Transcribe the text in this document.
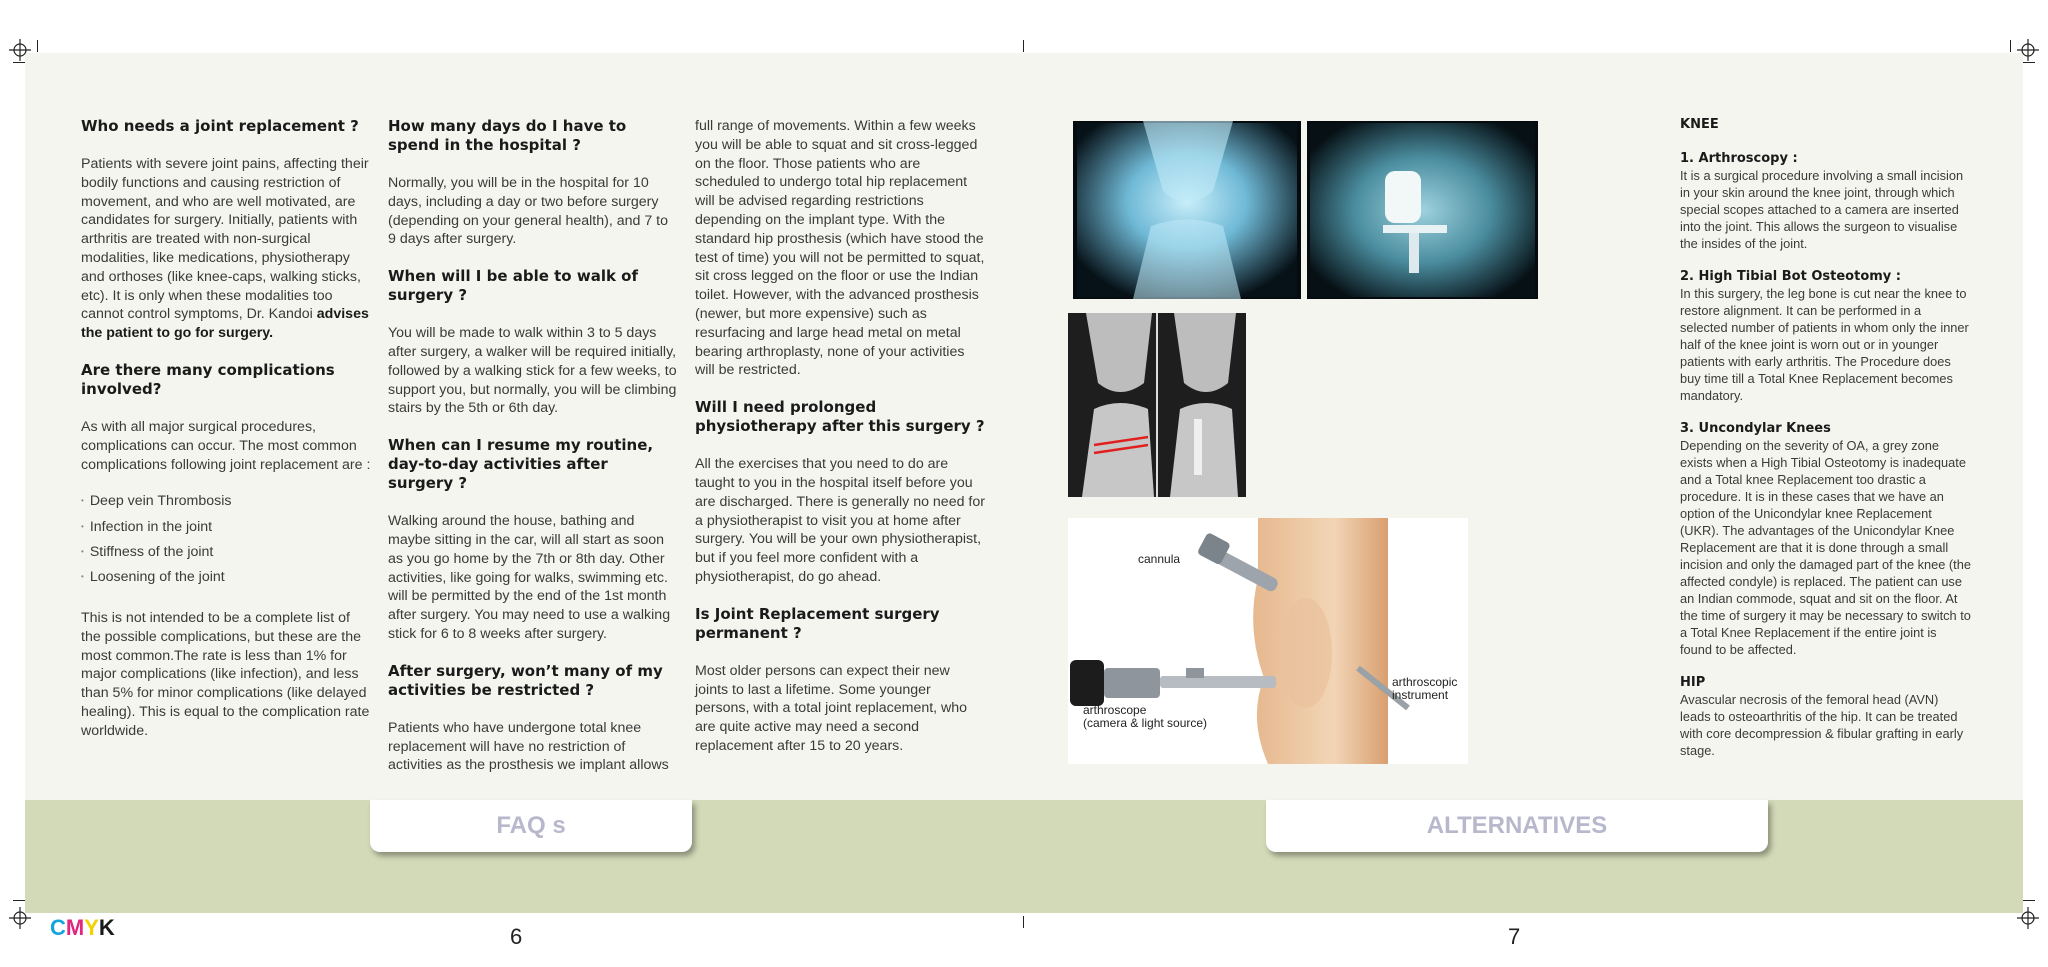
Who needs a joint replacement ?

Patients with severe joint pains, affecting their bodily functions and causing restriction of movement, and who are well motivated, are candidates for surgery. Initially, patients with arthritis are treated with non-surgical modalities, like medications, physiotherapy and orthoses (like knee-caps, walking sticks, etc). It is only when these modalities too cannot control symptoms, Dr. Kandoi advises the patient to go for surgery.

Are there many complications involved?

As with all major surgical procedures, complications can occur. The most common complications following joint replacement are :

• Deep vein Thrombosis
• Infection in the joint
• Stiffness of the joint
• Loosening of the joint

This is not intended to be a complete list of the possible complications, but these are the most common.The rate is less than 1% for major complications (like infection), and less than 5% for minor complications (like delayed healing). This is equal to the complication rate worldwide.

How many days do I have to spend in the hospital ?

Normally, you will be in the hospital for 10 days, including a day or two before surgery (depending on your general health), and 7 to 9 days after surgery.

When will I be able to walk of surgery ?

You will be made to walk within 3 to 5 days after surgery, a walker will be required initially, followed by a walking stick for a few weeks, to support you, but normally, you will be climbing stairs by the 5th or 6th day.

When can I resume my routine, day-to-day activities after surgery ?

Walking around the house, bathing and maybe sitting in the car, will all start as soon as you go home by the 7th or 8th day. Other activities, like going for walks, swimming etc. will be permitted by the end of the 1st month after surgery. You may need to use a walking stick for 6 to 8 weeks after surgery.

After surgery, won’t many of my activities be restricted ?

Patients who have undergone total knee replacement will have no restriction of activities as the prosthesis we implant allows

full range of movements. Within a few weeks you will be able to squat and sit cross-legged on the floor. Those patients who are scheduled to undergo total hip replacement will be advised regarding restrictions depending on the implant type. With the standard hip prosthesis (which have stood the test of time) you will not be permitted to squat, sit cross legged on the floor or use the Indian toilet. However, with the advanced prosthesis (newer, but more expensive) such as resurfacing and large head metal on metal bearing arthroplasty, none of your activities will be restricted.

Will I need prolonged physiotherapy after this surgery ?

All the exercises that you need to do are taught to you in the hospital itself before you are discharged. There is generally no need for a physiotherapist to visit you at home after surgery. You will be your own physiotherapist, but if you feel more confident with a physiotherapist, do go ahead.

Is Joint Replacement surgery permanent ?

Most older persons can expect their new joints to last a lifetime. Some younger persons, with a total joint replacement, who are quite active may need a second replacement after 15 to 20 years.

cannula
arthroscope
(camera & light source)
arthroscopic
instrument
KNEE
1. Arthroscopy :

It is a surgical procedure involving a small incision in your skin around the knee joint, through which special scopes attached to a camera are inserted into the joint. This allows the surgeon to visualise the insides of the joint.

2. High Tibial Bot Osteotomy :

In this surgery, the leg bone is cut near the knee to restore alignment. It can be performed in a selected number of patients in whom only the inner half of the knee joint is worn out or in younger patients with early arthritis. The Procedure does buy time till a Total Knee Replacement becomes mandatory.

3. Uncondylar Knees

Depending on the severity of OA, a grey zone exists when a High Tibial Osteotomy is inadequate and a Total knee Replacement too drastic a procedure. It is in these cases that we have an option of the Unicondylar knee Replacement (UKR). The advantages of the Unicondylar Knee Replacement are that it is done through a small incision and only the damaged part of the knee (the affected condyle) is replaced. The patient can use an Indian commode, squat and sit on the floor. At the time of surgery it may be necessary to switch to a Total Knee Replacement if the entire joint is found to be affected.

HIP

Avascular necrosis of the femoral head (AVN) leads to osteoarthritis of the hip. It can be treated with core decompression & fibular grafting in early stage.

FAQ s	ALTERNATIVES
6	7
CMYK
